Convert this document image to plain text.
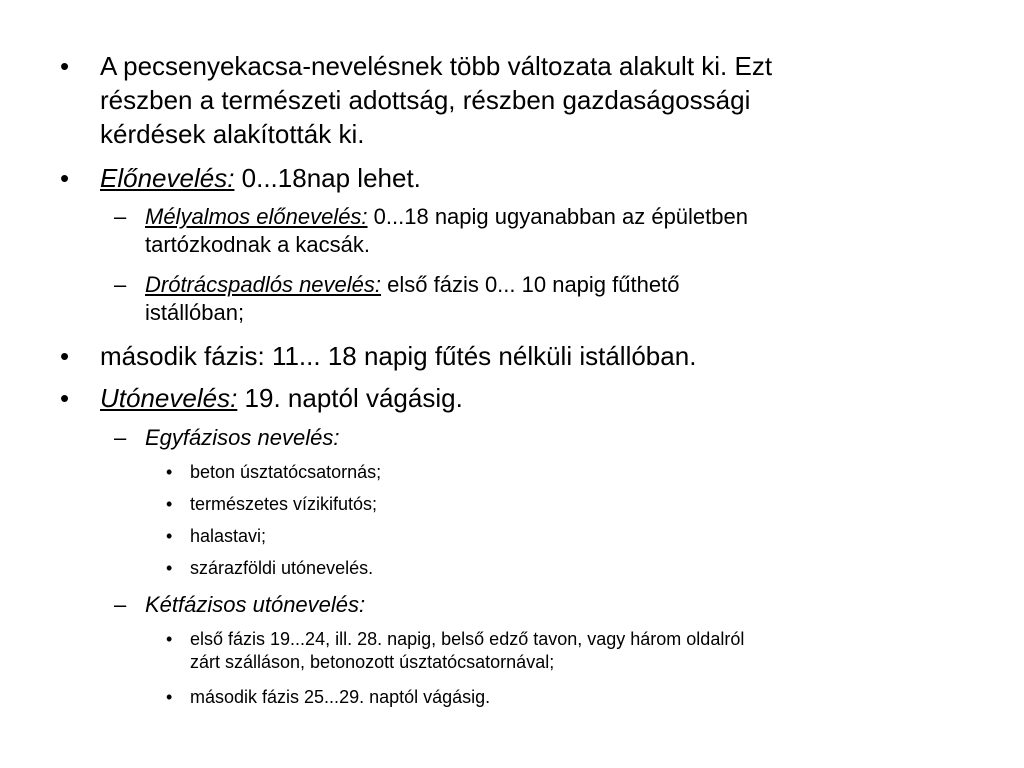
• A pecsenyekacsa-nevelésnek több változata alakult ki. Ezt
részben a természeti adottság, részben gazdaságossági
kérdések alakították ki.
• Előnevelés: 0...18nap lehet.
– Mélyalmos előnevelés: 0...18 napig ugyanabban az épületben
tartózkodnak a kacsák.
– Drótrácspadlós nevelés: első fázis 0... 10 napig fűthető
istállóban;
• második fázis: 11... 18 napig fűtés nélküli istállóban.
• Utónevelés: 19. naptól vágásig.
– Egyfázisos nevelés:
• beton úsztatócsatornás;
• természetes vízikifutós;
• halastavi;
• szárazföldi utónevelés.
– Kétfázisos utónevelés:
• első fázis 19...24, ill. 28. napig, belső edző tavon, vagy három oldalról
zárt szálláson, betonozott úsztatócsatornával;
• második fázis 25...29. naptól vágásig.
